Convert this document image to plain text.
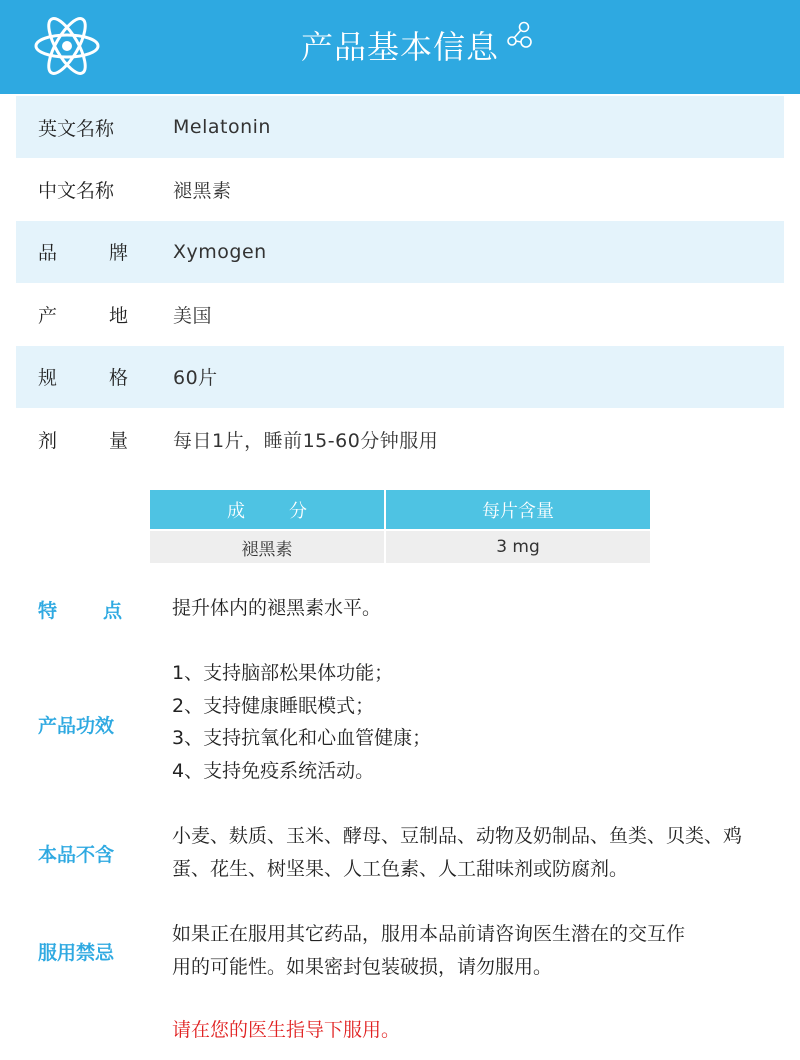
产品基本信息
英文名称	Melatonin
中文名称	褪黑素
品	牌 Xymogen
产	地 美国
规	格 60片
剂	量 每日1片，睡前15-60分钟服用
成分	每片含量
褪黑素	3 mg
特 点	提升体内的褪黑素水平。
产品功效
1、支持脑部松果体功能；
2、支持健康睡眠模式；
3、支持抗氧化和心血管健康；
4、支持免疫系统活动。
本品不含
小麦、麸质、玉米、酵母、豆制品、动物及奶制品、鱼类、贝类、鸡
蛋、花生、树坚果、人工色素、人工甜味剂或防腐剂。
服用禁忌
如果正在服用其它药品，服用本品前请咨询医生潜在的交互作
用的可能性。如果密封包装破损，请勿服用。
请在您的医生指导下服用。
